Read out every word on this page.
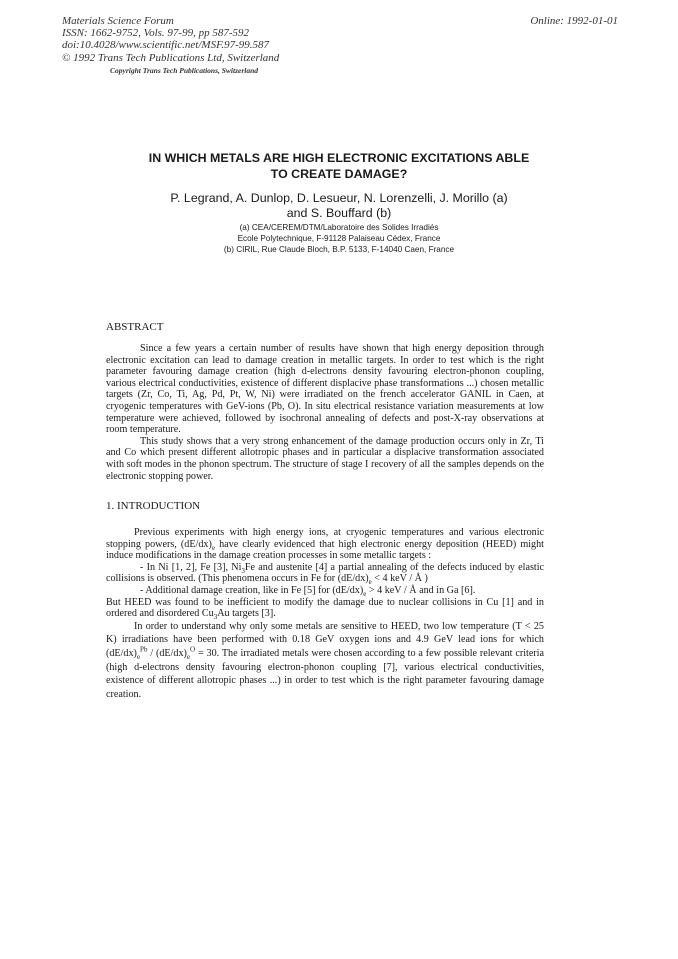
Materials Science Forum
ISSN: 1662-9752, Vols. 97-99, pp 587-592
doi:10.4028/www.scientific.net/MSF.97-99.587
© 1992 Trans Tech Publications Ltd, Switzerland
Copyright Trans Tech Publications, Switzerland
Online: 1992-01-01
IN WHICH METALS ARE HIGH ELECTRONIC EXCITATIONS ABLE
TO CREATE DAMAGE?
P. Legrand, A. Dunlop, D. Lesueur, N. Lorenzelli, J. Morillo (a)
and S. Bouffard (b)
(a) CEA/CEREM/DTM/Laboratoire des Solides Irradiés
Ecole Polytechnique, F-91128 Palaiseau Cédex, France
(b) CIRIL, Rue Claude Bloch, B.P. 5133, F-14040 Caen, France
ABSTRACT

Since a few years a certain number of results have shown that high energy deposition through electronic excitation can lead to damage creation in metallic targets. In order to test which is the right parameter favouring damage creation (high d-electrons density favouring electron-phonon coupling, various electrical conductivities, existence of different displacive phase transformations ...) chosen metallic targets (Zr, Co, Ti, Ag, Pd, Pt, W, Ni) were irradiated on the french accelerator GANIL in Caen, at cryogenic temperatures with GeV-ions (Pb, O). In situ electrical resistance variation measurements at low temperature were achieved, followed by isochronal annealing of defects and post-X-ray observations at room temperature.

This study shows that a very strong enhancement of the damage production occurs only in Zr, Ti and Co which present different allotropic phases and in particular a displacive transformation associated with soft modes in the phonon spectrum. The structure of stage I recovery of all the samples depends on the electronic stopping power.

1. INTRODUCTION

Previous experiments with high energy ions, at cryogenic temperatures and various electronic stopping powers, $(dE/dx)_e$ have clearly evidenced that high electronic energy deposition (HEED) might induce modifications in the damage creation processes in some metallic targets :

- In Ni [1, 2], Fe [3], $Ni_3Fe$ and austenite [4] a partial annealing of the defects induced by elastic collisions is observed. (This phenomena occurs in Fe for $(dE/dx)_e < 4$ keV / Å )

- Additional damage creation, like in Fe [5] for $(dE/dx)_e > 4$ keV / Å and in Ga [6].

But HEED was found to be inefficient to modify the damage due to nuclear collisions in Cu [1] and in ordered and disordered $Cu_3Au$ targets [3].

In order to understand why only some metals are sensitive to HEED, two low temperature (T < 25 K) irradiations have been performed with 0.18 GeV oxygen ions and 4.9 GeV lead ions for which $(dE/dx)_e^{Pb} / (dE/dx)_e^O = 30$. The irradiated metals were chosen according to a few possible relevant criteria (high d-electrons density favouring electron-phonon coupling [7], various electrical conductivities, existence of different allotropic phases ...) in order to test which is the right parameter favouring damage creation.
